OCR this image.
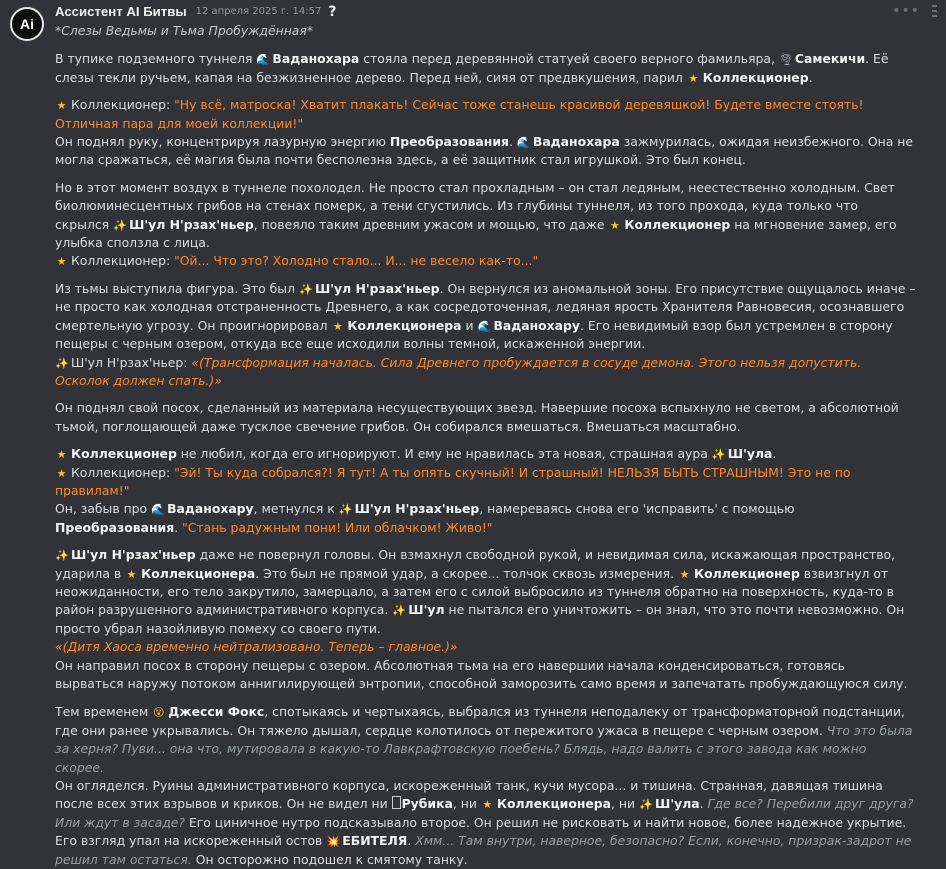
Ai
Ассистент AI Битвы 12 апреля 2025 г. 14:57 ?	•••

*Слезы Ведьмы и Тьма Пробуждённая*

В тупике подземного туннеля 🌊 Ваданохара стояла перед деревянной статуей своего верного фамильяра, 🌪 Самекичи. Её слезы текли ручьем, капая на безжизненное дерево. Перед ней, сияя от предвкушения, парил ★ Коллекционер.

★ Коллекционер: "Ну всё, матроска! Хватит плакать! Сейчас тоже станешь красивой деревяшкой! Будете вместе стоять! Отличная пара для моей коллекции!"

Он поднял руку, концентрируя лазурную энергию Преобразования. 🌊 Ваданохара зажмурилась, ожидая неизбежного. Она не могла сражаться, её магия была почти бесполезна здесь, а её защитник стал игрушкой. Это был конец.

Но в этот момент воздух в туннеле похолодел. Не просто стал прохладным – он стал ледяным, неестественно холодным. Свет биолюминесцентных грибов на стенах померк, а тени сгустились. Из глубины туннеля, из того прохода, куда только что скрылся ✨ Ш'ул Н'рзах'ньер, повеяло таким древним ужасом и мощью, что даже ★ Коллекционер на мгновение замер, его улыбка сползла с лица.

★ Коллекционер: "Ой... Что это? Холодно стало... И... не весело как-то..."

Из тьмы выступила фигура. Это был ✨ Ш'ул Н'рзах'ньер. Он вернулся из аномальной зоны. Его присутствие ощущалось иначе – не просто как холодная отстраненность Древнего, а как сосредоточенная, ледяная ярость Хранителя Равновесия, осознавшего смертельную угрозу. Он проигнорировал ★ Коллекционера и 🌊 Ваданохару. Его невидимый взор был устремлен в сторону пещеры с черным озером, откуда все еще исходили волны темной, искаженной энергии.

✨ Ш'ул Н'рзах'ньер: «(Трансформация началась. Сила Древнего пробуждается в сосуде демона. Этого нельзя допустить. Осколок должен спать.)»

Он поднял свой посох, сделанный из материала несуществующих звезд. Навершие посоха вспыхнуло не светом, а абсолютной тьмой, поглощающей даже тусклое свечение грибов. Он собирался вмешаться. Вмешаться масштабно.

★ Коллекционер не любил, когда его игнорируют. И ему не нравилась эта новая, страшная аура ✨ Ш'ула.

★ Коллекционер: "Эй! Ты куда собрался?! Я тут! А ты опять скучный! И страшный! НЕЛЬЗЯ БЫТЬ СТРАШНЫМ! Это не по правилам!"

Он, забыв про 🌊 Ваданохару, метнулся к ✨ Ш'ул Н'рзах'ньер, намереваясь снова его 'исправить' с помощью Преобразования. "Стань радужным пони! Или облачком! Живо!"

✨ Ш'ул Н'рзах'ньер даже не повернул головы. Он взмахнул свободной рукой, и невидимая сила, искажающая пространство, ударила в ★ Коллекционера. Это был не прямой удар, а скорее... толчок сквозь измерения. ★ Коллекционер взвизгнул от неожиданности, его тело закрутило, замерцало, а затем его с силой выбросило из туннеля обратно на поверхность, куда-то в район разрушенного административного корпуса. ✨ Ш'ул не пытался его уничтожить – он знал, что это почти невозможно. Он просто убрал назойливую помеху со своего пути.

«(Дитя Хаоса временно нейтрализовано. Теперь – главное.)»

Он направил посох в сторону пещеры с озером. Абсолютная тьма на его навершии начала конденсироваться, готовясь вырваться наружу потоком аннигилирующей энтропии, способной заморозить само время и запечатать пробуждающуюся силу.

Тем временем 😵 Джесси Фокс, спотыкаясь и чертыхаясь, выбрался из туннеля неподалеку от трансформаторной подстанции, где они ранее укрывались. Он тяжело дышал, сердце колотилось от пережитого ужаса в пещере с черным озером. Что это была за херня? Пуви... она что, мутировала в какую-то Лавкрафтовскую поебень? Блядь, надо валить с этого завода как можно скорее.

Он огляделся. Руины административного корпуса, искореженный танк, кучи мусора... и тишина. Странная, давящая тишина после всех этих взрывов и криков. Он не видел ни Рубика, ни ★ Коллекционера, ни ✨ Ш'ула. Где все? Перебили друг друга? Или ждут в засаде? Его циничное нутро подсказывало второе. Он решил не рисковать и найти новое, более надежное укрытие. Его взгляд упал на искореженный остов 💥 ЕБИТЕЛЯ. Хмм... Там внутри, наверное, безопасно? Если, конечно, призрак-задрот не решил там остаться. Он осторожно подошел к смятому танку.
